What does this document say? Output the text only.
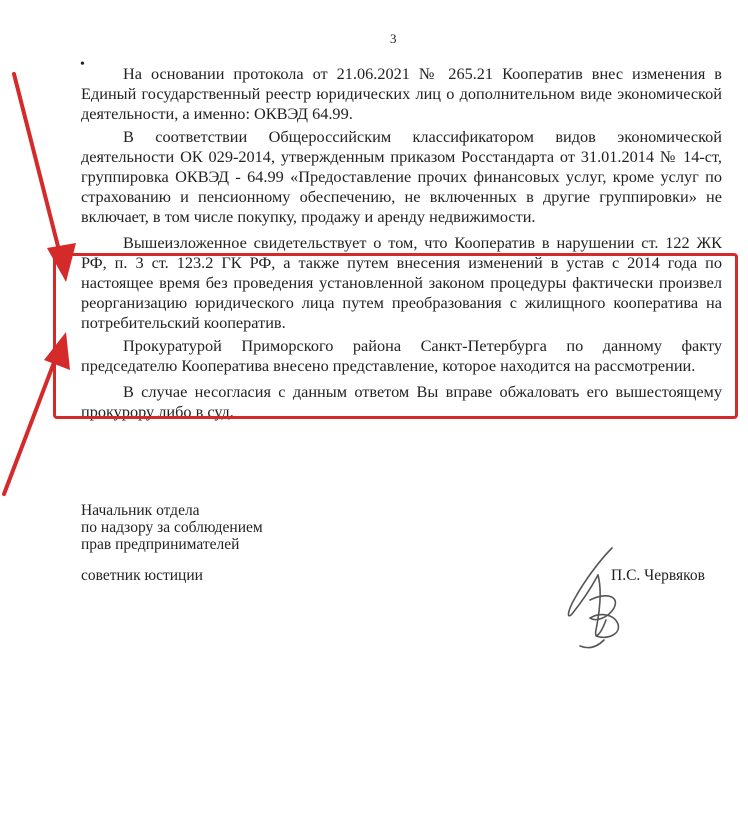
3
•	На основании протокола от 21.06.2021 № 265.21 Кооператив внес изменения в Единый государственный реестр юридических лиц о дополнительном виде экономической деятельности, а именно: ОКВЭД 64.99.

В соответствии Общероссийским классификатором видов экономической деятельности ОК 029-2014, утвержденным приказом Росстандарта от 31.01.2014 № 14-ст, группировка ОКВЭД - 64.99 «Предоставление прочих финансовых услуг, кроме услуг по страхованию и пенсионному обеспечению, не включенных в другие группировки» не включает, в том числе покупку, продажу и аренду недвижимости.

Вышеизложенное свидетельствует о том, что Кооператив в нарушении ст. 122 ЖК РФ, п. 3 ст. 123.2 ГК РФ, а также путем внесения изменений в устав с 2014 года по настоящее время без проведения установленной законом процедуры фактически произвел реорганизацию юридического лица путем преобразования с жилищного кооператива на потребительский кооператив.

Прокуратурой Приморского района Санкт-Петербурга по данному факту председателю Кооператива внесено представление, которое находится на рассмотрении.

В случае несогласия с данным ответом Вы вправе обжаловать его вышестоящему прокурору либо в суд.

Начальник отдела
по надзору за соблюдением
прав предпринимателей
советник юстиции	П.С. Червяков
